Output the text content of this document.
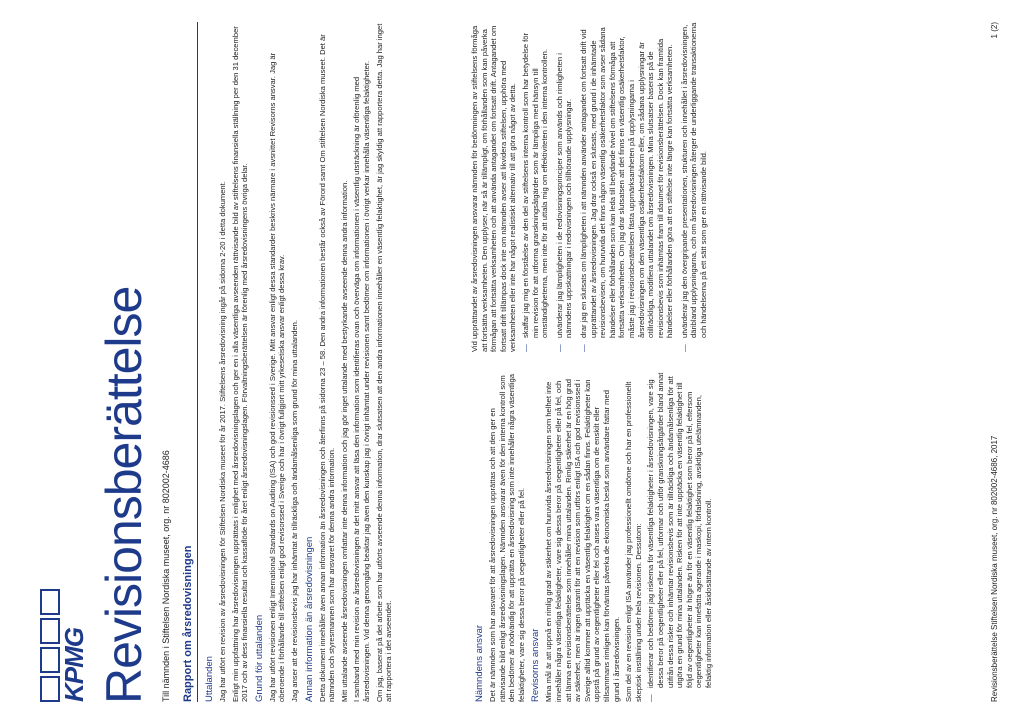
KPMG Revisionsberättelse Till nämnden i Stiftelsen Nordiska museet, org. nr 802002-4686 Rapport om årsredovisningen Uttalanden Jag har utfört en revision av årsredovisningen för Stiftelsen Nordiska museet för år 2017. Stiftelsens årsredovisning ingår på sidorna 2-20 i detta dokument. Enligt min uppfattning har årsredovisningen upprättats i enlighet med årsredovisningslagen och ger en i alla väsentliga avseenden rättvisande bild av stiftelsens finansiella ställning per den 31 december 2017 och av dess finansiella resultat och kassaflöde för året enligt årsredovisningslagen. Förvaltningsberättelsen är förenlig med årsredovisningens övriga delar. Grund för uttalanden Jag har utfört revisionen enligt International Standards on Auditing (ISA) och god revisionssed i Sverige. Mitt ansvar enligt dessa standarder beskrivs närmare i avsnittet Revisorns ansvar. Jag är oberoende i förhållande till stiftelsen enligt god revisorssed i Sverige och har i övrigt fullgjort mitt yrkesetiska ansvar enligt dessa krav. Jag anser att de revisionsbevis jag har inhämtat är tillräckliga och ändamålsenliga som grund för mina uttalanden. Annan information än årsredovisningen Detta dokument innehåller även annan information än årsredovisningen och återfinns på sidorna 23 – 58. Den andra informationen består också av Förord samt Om stiftelsen Nordiska museet. Det är nämnden och styresmannen som har ansvaret för denna andra information. Mitt uttalande avseende årsredovisningen omfattar inte denna information och jag gör inget uttalande med bestyrkande avseende denna andra information. I samband med min revision av årsredovisningen är det mitt ansvar att läsa den information som identifieras ovan och överväga om informationen i väsentlig utsträckning är oförenlig med årsredovisningen. Vid denna genomgång beaktar jag även den kunskap jag i övrigt inhämtat under revisionen samt bedömer om informationen i övrigt verkar innehålla väsentliga felaktigheter. Om jag, baserat på det arbete som har utförts avseende denna information, drar slutsatsen att den andra informationen innehåller en väsentlig felaktighet, är jag skyldig att rapportera detta. Jag har inget att rapportera i det avseendet.	Nämndens ansvar Det är nämnden som har ansvaret för att årsredovisningen upprättas och att den ger en rättvisande bild enligt årsredovisningslagen. Nämnden ansvarar även för den interna kontroll som den bedömer är nödvändig för att upprätta en årsredovisning som inte innehåller några väsentliga felaktigheter, vare sig dessa beror på oegentligheter eller på fel. Revisorns ansvar Mina mål är att uppnå en rimlig grad av säkerhet om huruvida årsredovisningen som helhet inte innehåller några väsentliga felaktigheter, vare sig dessa beror på oegentligheter eller på fel, och att lämna en revisionsberättelse som innehåller mina uttalanden. Rimlig säkerhet är en hög grad av säkerhet, men är ingen garanti för att en revision som utförs enligt ISA och god revisionssed i Sverige alltid kommer att upptäcka en väsentlig felaktighet om en sådan finns. Felaktigheter kan uppstå på grund av oegentligheter eller fel och anses vara väsentliga om de enskilt eller tillsammans rimligen kan förväntas påverka de ekonomiska beslut som användare fattar med grund i årsredovisningen. Som del av en revision enligt ISA använder jag professionellt omdöme och har en professionellt skeptisk inställning under hela revisionen. Dessutom: — identifierar och bedömer jag riskerna för väsentliga felaktigheter i årsredovisningen, vare sig dessa beror på oegentligheter eller på fel, utformar och utför granskningsåtgärder bland annat utifrån dessa risker och inhämtar revisionsbevis som är tillräckliga och ändamålsenliga för att utgöra en grund för mina uttalanden. Risken för att inte upptäcka en väsentlig felaktighet till följd av oegentligheter är högre än för en väsentlig felaktighet som beror på fel, eftersom oegentligheter kan innefatta agerande i maskopi, förfalskning, avsiktliga utelämnanden, felaktig information eller åsidosättande av intern kontroll.

Vid upprättandet av årsredovisningen ansvarar nämnden för bedömningen av stiftelsens förmåga att fortsätta verksamheten. Den upplyser, när så är tillämpligt, om förhållanden som kan påverka förmågan att fortsätta verksamheten och att använda antagandet om fortsatt drift. Antagandet om fortsatt drift tillämpas dock inte om nämnden avser att likvidera stiftelsen, upphöra med verksamheten eller inte har något realistiskt alternativ till att göra något av detta. — skaffar jag mig en förståelse av den del av stiftelsens interna kontroll som har betydelse för min revision för att utforma granskningsåtgärder som är lämpliga med hänsyn till omständigheterna, men inte för att uttala mig om effektiviteten i den interna kontrollen. — utvärderar jag lämpligheten i de redovisningsprinciper som används och rimligheten i nämndens uppskattningar i redovisningen och tillhörande upplysningar. — drar jag en slutsats om lämpligheten i att nämnden använder antagandet om fortsatt drift vid upprättandet av årsredovisningen. Jag drar också en slutsats, med grund i de inhämtade revisionsbevisen, om huruvida det finns någon väsentlig osäkerhetsfaktor som avser sådana händelser eller förhållanden som kan leda till betydande tvivel om stiftelsens förmåga att fortsätta verksamheten. Om jag drar slutsatsen att det finns en väsentlig osäkerhetsfaktor, måste jag i revisionsberättelsen fästa uppmärksamheten på upplysningarna i årsredovisningen om den väsentliga osäkerhetsfaktorn eller, om sådana upplysningar är otillräckliga, modifiera uttalandet om årsredovisningen. Mina slutsatser baseras på de revisionsbevis som inhämtas fram till datumet för revisionsberättelsen. Dock kan framtida händelser eller förhållanden göra att en stiftelse inte längre kan fortsätta verksamheten. — utvärderar jag den övergripande presentationen, strukturen och innehållet i årsredovisningen, däribland upplysningarna, och om årsredovisningen återger de underliggande transaktionerna och händelserna på ett sätt som ger en rättvisande bild.
Revisionsberättelse Stiftelsen Nordiska museet, org. nr 802002-4686, 2017
1 (2)
